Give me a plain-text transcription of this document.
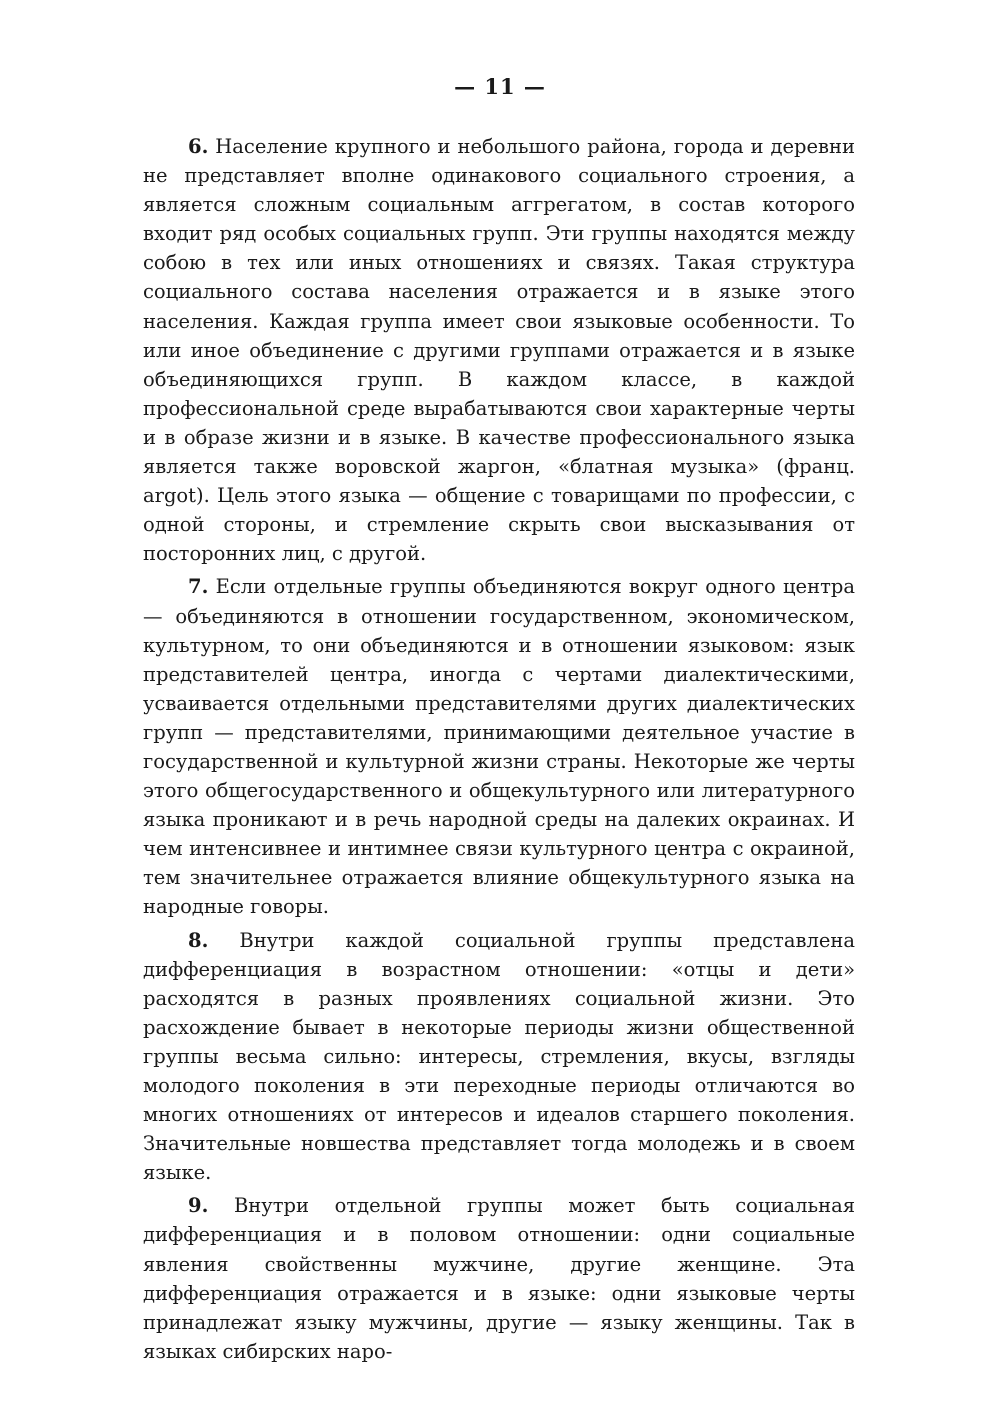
— 11 —

6. Население крупного и небольшого района, города и деревни не представляет вполне одинакового социального строения, а является сложным социальным аггрегатом, в состав которого входит ряд особых социальных групп. Эти группы находятся между собою в тех или иных отношениях и связях. Такая структура социального состава населения отражается и в языке этого населения. Каждая группа имеет свои языковые особенности. То или иное объединение с другими группами отражается и в языке объединяющихся групп. В каждом классе, в каждой профессиональной среде вырабатываются свои характерные черты и в образе жизни и в языке. В качестве профессионального языка является также воровской жаргон, «блатная музыка» (франц. argot). Цель этого языка — общение с товарищами по профессии, с одной стороны, и стремление скрыть свои высказывания от посторонних лиц, с другой.

7. Если отдельные группы объединяются вокруг одного центра — объединяются в отношении государственном, экономическом, культурном, то они объединяются и в отношении языковом: язык представителей центра, иногда с чертами диалектическими, усваивается отдельными представителями других диалектических групп — представителями, принимающими деятельное участие в государственной и культурной жизни страны. Некоторые же черты этого общегосударственного и общекультурного или литературного языка проникают и в речь народной среды на далеких окраинах. И чем интенсивнее и интимнее связи культурного центра с окраиной, тем значительнее отражается влияние общекультурного языка на народные говоры.

8. Внутри каждой социальной группы представлена дифференциация в возрастном отношении: «отцы и дети» расходятся в разных проявлениях социальной жизни. Это расхождение бывает в некоторые периоды жизни общественной группы весьма сильно: интересы, стремления, вкусы, взгляды молодого поколения в эти переходные периоды отличаются во многих отношениях от интересов и идеалов старшего поколения. Значительные новшества представляет тогда молодежь и в своем языке.

9. Внутри отдельной группы может быть социальная дифференциация и в половом отношении: одни социальные явления свойственны мужчине, другие женщине. Эта дифференциация отражается и в языке: одни языковые черты принадлежат языку мужчины, другие — языку женщины. Так в языках сибирских наро-
